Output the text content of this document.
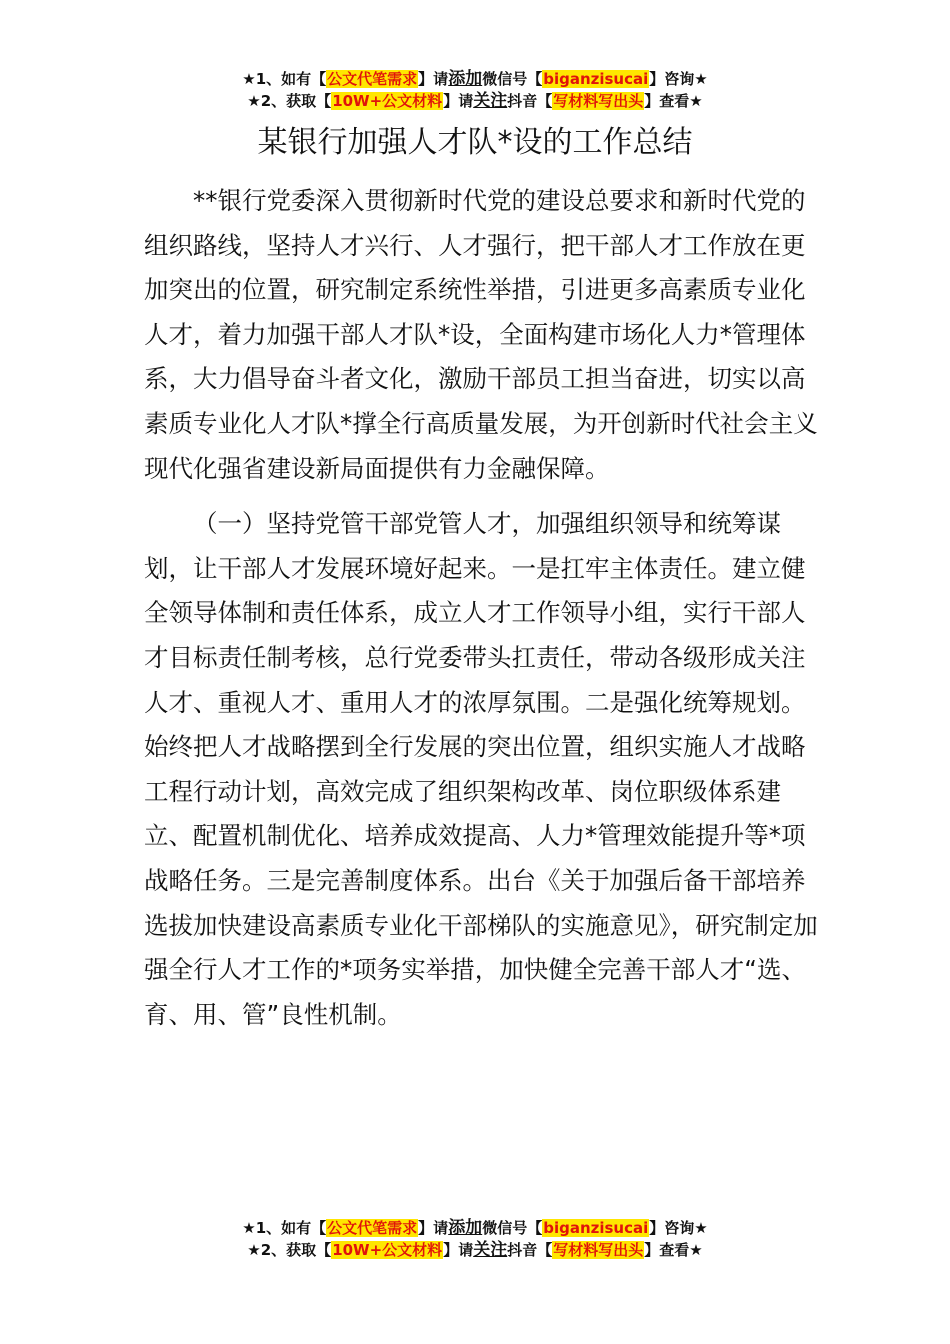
★1、如有【公文代笔需求】请添加微信号【biganzisucai】咨询★
★2、获取【10W+公文材料】请关注抖音【写材料写出头】查看★
某银行加强人才队*设的工作总结

**银行党委深入贯彻新时代党的建设总要求和新时代党的组织路线，坚持人才兴行、人才强行，把干部人才工作放在更加突出的位置，研究制定系统性举措，引进更多高素质专业化人才，着力加强干部人才队*设，全面构建市场化人力*管理体系，大力倡导奋斗者文化，激励干部员工担当奋进，切实以高素质专业化人才队*撑全行高质量发展，为开创新时代社会主义现代化强省建设新局面提供有力金融保障。

（一）坚持党管干部党管人才，加强组织领导和统筹谋划，让干部人才发展环境好起来。一是扛牢主体责任。建立健全领导体制和责任体系，成立人才工作领导小组，实行干部人才目标责任制考核，总行党委带头扛责任，带动各级形成关注人才、重视人才、重用人才的浓厚氛围。二是强化统筹规划。始终把人才战略摆到全行发展的突出位置，组织实施人才战略工程行动计划，高效完成了组织架构改革、岗位职级体系建立、配置机制优化、培养成效提高、人力*管理效能提升等*项战略任务。三是完善制度体系。出台《关于加强后备干部培养选拔加快建设高素质专业化干部梯队的实施意见》，研究制定加强全行人才工作的*项务实举措，加快健全完善干部人才“选、育、用、管”良性机制。

★1、如有【公文代笔需求】请添加微信号【biganzisucai】咨询★
★2、获取【10W+公文材料】请关注抖音【写材料写出头】查看★
